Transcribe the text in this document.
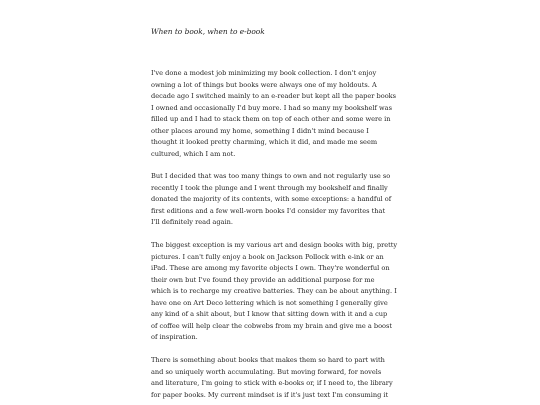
When to book, when to e-book

I've done a modest job minimizing my book collection. I don't enjoy
owning a lot of things but books were always one of my holdouts. A
decade ago I switched mainly to an e-reader but kept all the paper books
I owned and occasionally I'd buy more. I had so many my bookshelf was
filled up and I had to stack them on top of each other and some were in
other places around my home, something I didn't mind because I
thought it looked pretty charming, which it did, and made me seem
cultured, which I am not.

But I decided that was too many things to own and not regularly use so
recently I took the plunge and I went through my bookshelf and finally
donated the majority of its contents, with some exceptions: a handful of
first editions and a few well-worn books I'd consider my favorites that
I'll definitely read again.

The biggest exception is my various art and design books with big, pretty
pictures. I can't fully enjoy a book on Jackson Pollock with e-ink or an
iPad. These are among my favorite objects I own. They're wonderful on
their own but I've found they provide an additional purpose for me
which is to recharge my creative batteries. They can be about anything. I
have one on Art Deco lettering which is not something I generally give
any kind of a shit about, but I know that sitting down with it and a cup
of coffee will help clear the cobwebs from my brain and give me a boost
of inspiration.

There is something about books that makes them so hard to part with
and so uniquely worth accumulating. But moving forward, for novels
and literature, I'm going to stick with e-books or, if I need to, the library
for paper books. My current mindset is if it's just text I'm consuming it
